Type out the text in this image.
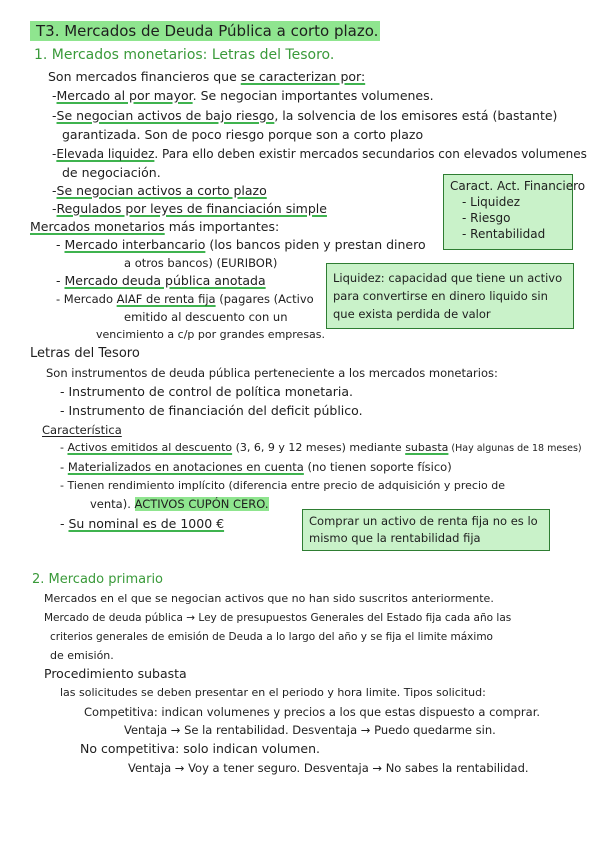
T3. Mercados de Deuda Pública a corto plazo.
1. Mercados monetarios: Letras del Tesoro.
Son mercados financieros que se caracterizan por:
-Mercado al por mayor. Se negocian importantes volumenes.
-Se negocian activos de bajo riesgo, la solvencia de los emisores está (bastante)
garantizada. Son de poco riesgo porque son a corto plazo
-Elevada liquidez. Para ello deben existir mercados secundarios con elevados volumenes
de negociación.
-Se negocian activos a corto plazo
-Regulados por leyes de financiación simple
Mercados monetarios más importantes:
- Mercado interbancario (los bancos piden y prestan dinero
a otros bancos) (EURIBOR)
- Mercado deuda pública anotada
- Mercado AIAF de renta fija (pagares (Activo
emitido al descuento con un
vencimiento a c/p por grandes empresas.
Caract. Act. Financiero
- Liquidez
- Riesgo
- Rentabilidad
Liquidez: capacidad que tiene un activo
para convertirse en dinero liquido sin
que exista perdida de valor
Letras del Tesoro
Son instrumentos de deuda pública perteneciente a los mercados monetarios:
- Instrumento de control de política monetaria.
- Instrumento de financiación del deficit público.
Característica
- Activos emitidos al descuento (3, 6, 9 y 12 meses) mediante subasta (Hay algunas de 18 meses)
- Materializados en anotaciones en cuenta (no tienen soporte físico)
- Tienen rendimiento implícito (diferencia entre precio de adquisición y precio de
venta). ACTIVOS CUPÓN CERO.
- Su nominal es de 1000 €	Comprar un activo de renta fija no es lo
mismo que la rentabilidad fija
2. Mercado primario
Mercados en el que se negocian activos que no han sido suscritos anteriormente.
Mercado de deuda pública → Ley de presupuestos Generales del Estado fija cada año las
criterios generales de emisión de Deuda a lo largo del año y se fija el limite máximo
de emisión.
Procedimiento subasta
las solicitudes se deben presentar en el periodo y hora limite. Tipos solicitud:
Competitiva: indican volumenes y precios a los que estas dispuesto a comprar.
Ventaja → Se la rentabilidad. Desventaja → Puedo quedarme sin.
No competitiva: solo indican volumen.
Ventaja → Voy a tener seguro. Desventaja → No sabes la rentabilidad.
